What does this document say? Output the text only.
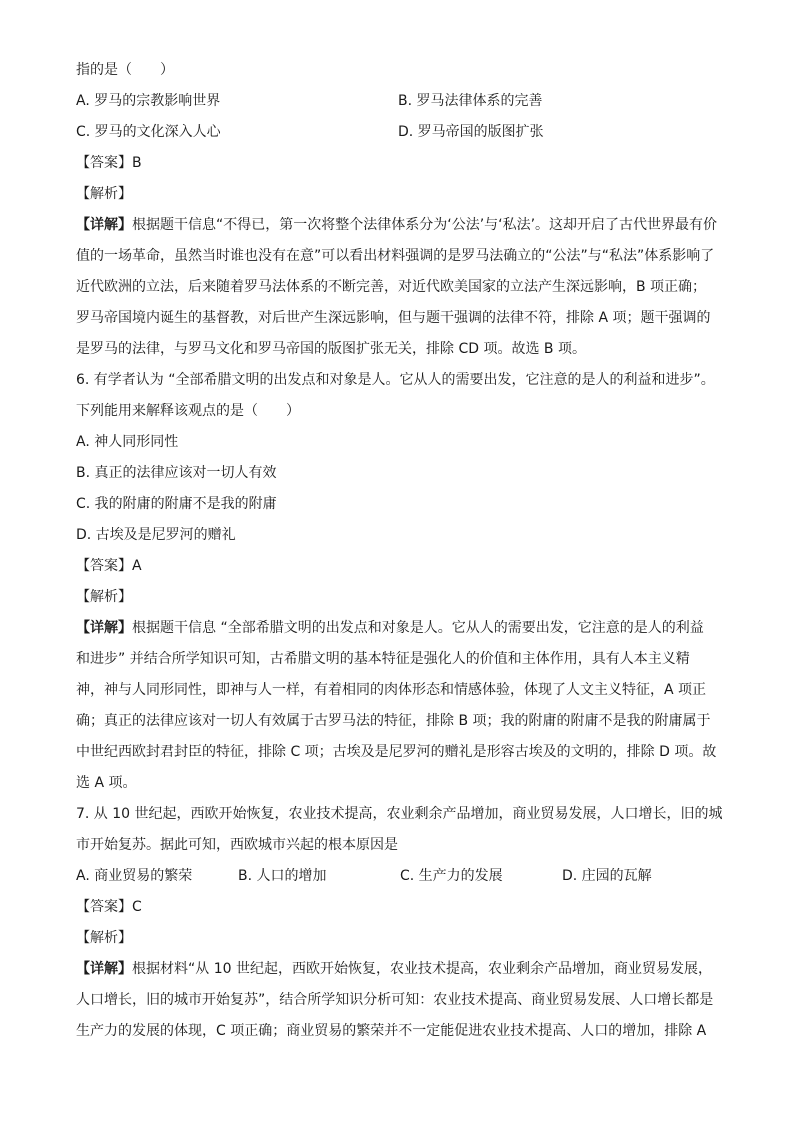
指的是（　　）
A. 罗马的宗教影响世界	B. 罗马法律体系的完善
C. 罗马的文化深入人心	D. 罗马帝国的版图扩张
【答案】B
【解析】
【详解】根据题干信息“不得已，第一次将整个法律体系分为‘公法’与‘私法’。这却开启了古代世界最有价
值的一场革命，虽然当时谁也没有在意”可以看出材料强调的是罗马法确立的“公法”与“私法”体系影响了
近代欧洲的立法，后来随着罗马法体系的不断完善，对近代欧美国家的立法产生深远影响，B 项正确；
罗马帝国境内诞生的基督教，对后世产生深远影响，但与题干强调的法律不符，排除 A 项；题干强调的
是罗马的法律，与罗马文化和罗马帝国的版图扩张无关，排除 CD 项。故选 B 项。
6. 有学者认为 “全部希腊文明的出发点和对象是人。它从人的需要出发，它注意的是人的利益和进步”。
下列能用来解释该观点的是（　　）
A. 神人同形同性
B. 真正的法律应该对一切人有效
C. 我的附庸的附庸不是我的附庸
D. 古埃及是尼罗河的赠礼
【答案】A
【解析】
【详解】根据题干信息 “全部希腊文明的出发点和对象是人。它从人的需要出发，它注意的是人的利益
和进步” 并结合所学知识可知，古希腊文明的基本特征是强化人的价值和主体作用，具有人本主义精
神，神与人同形同性，即神与人一样，有着相同的肉体形态和情感体验，体现了人文主义特征，A 项正
确；真正的法律应该对一切人有效属于古罗马法的特征，排除 B 项；我的附庸的附庸不是我的附庸属于
中世纪西欧封君封臣的特征，排除 C 项；古埃及是尼罗河的赠礼是形容古埃及的文明的，排除 D 项。故
选 A 项。
7. 从 10 世纪起，西欧开始恢复，农业技术提高，农业剩余产品增加，商业贸易发展，人口增长，旧的城
市开始复苏。据此可知，西欧城市兴起的根本原因是
A. 商业贸易的繁荣	B. 人口的增加	C. 生产力的发展	D. 庄园的瓦解
【答案】C
【解析】
【详解】根据材料“从 10 世纪起，西欧开始恢复，农业技术提高，农业剩余产品增加，商业贸易发展，
人口增长，旧的城市开始复苏”，结合所学知识分析可知：农业技术提高、商业贸易发展、人口增长都是
生产力的发展的体现，C 项正确；商业贸易的繁荣并不一定能促进农业技术提高、人口的增加，排除 A
